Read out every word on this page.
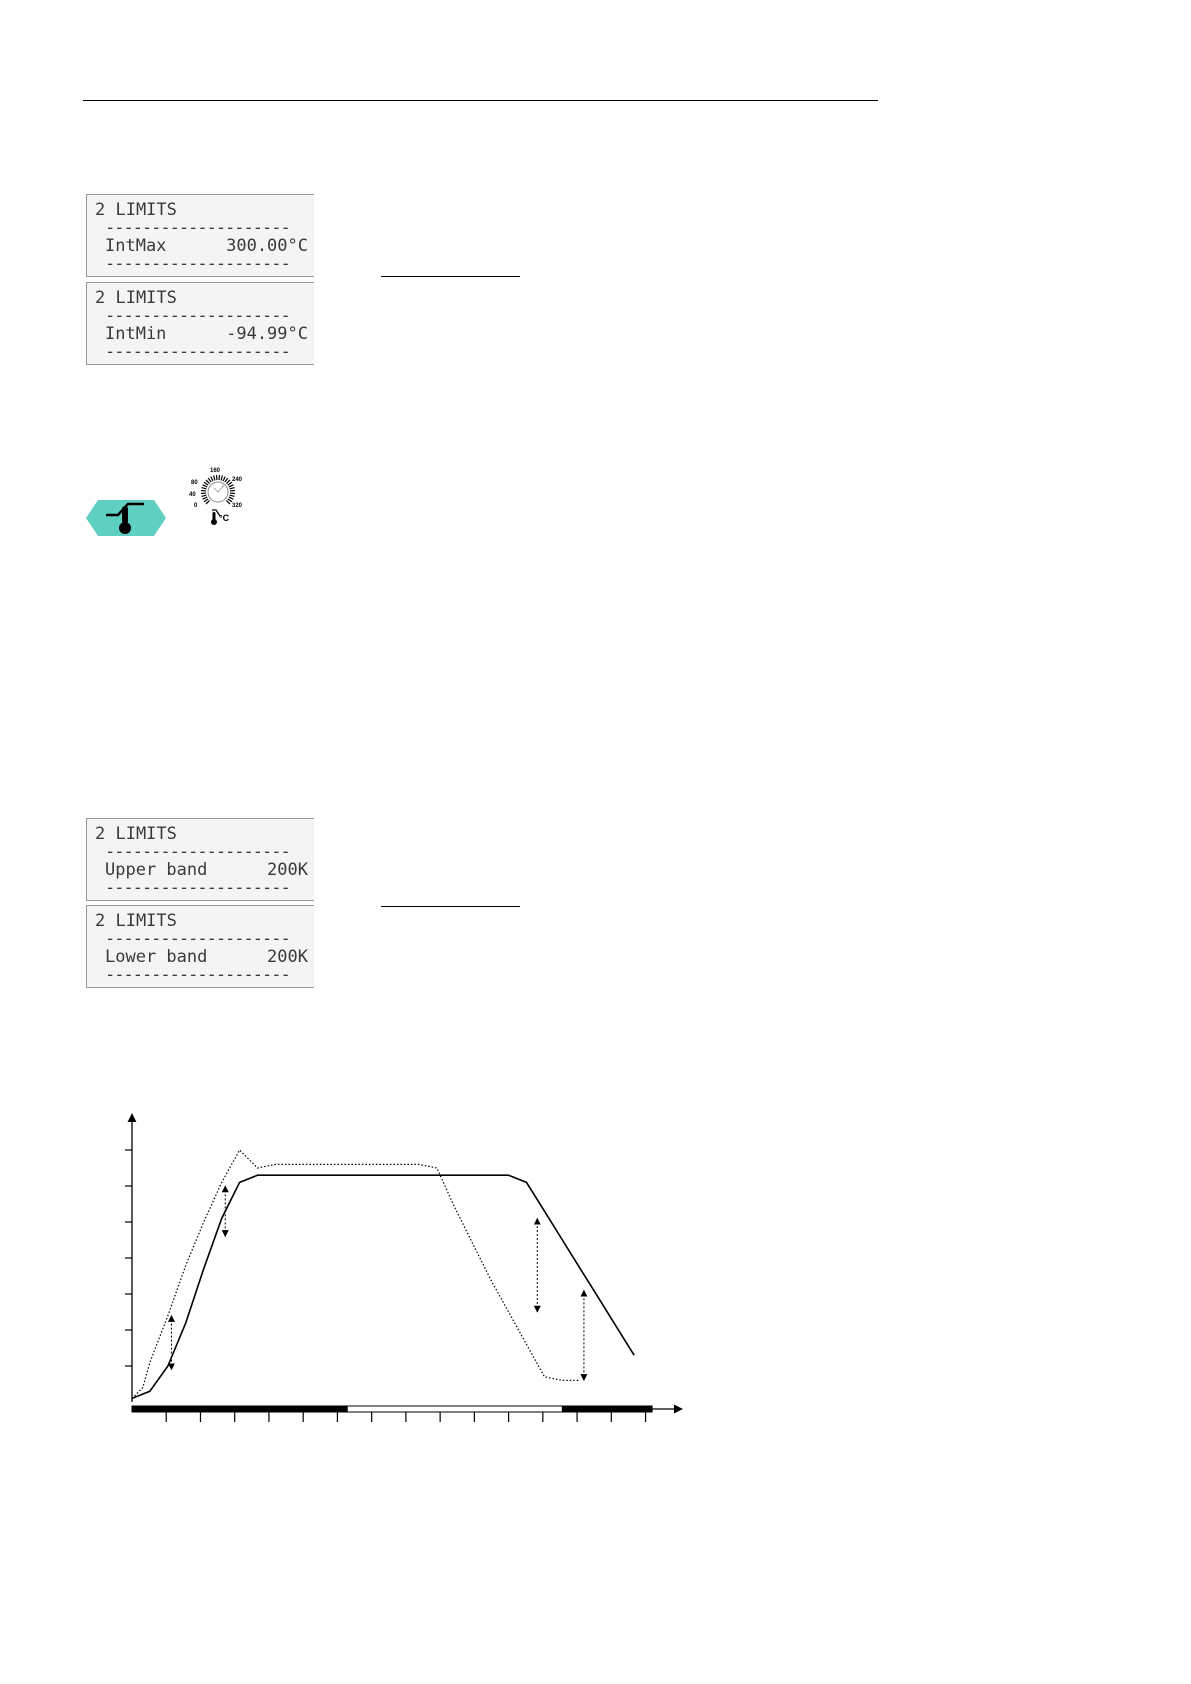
2 LIMITS
--------------------
IntMax	300.00°C
--------------------
2 LIMITS
--------------------
IntMin	-94.99°C
--------------------
0
40
80
160
240
320
°C
2 LIMITS
--------------------
Upper band	200K
--------------------
2 LIMITS
--------------------
Lower band	200K
--------------------
